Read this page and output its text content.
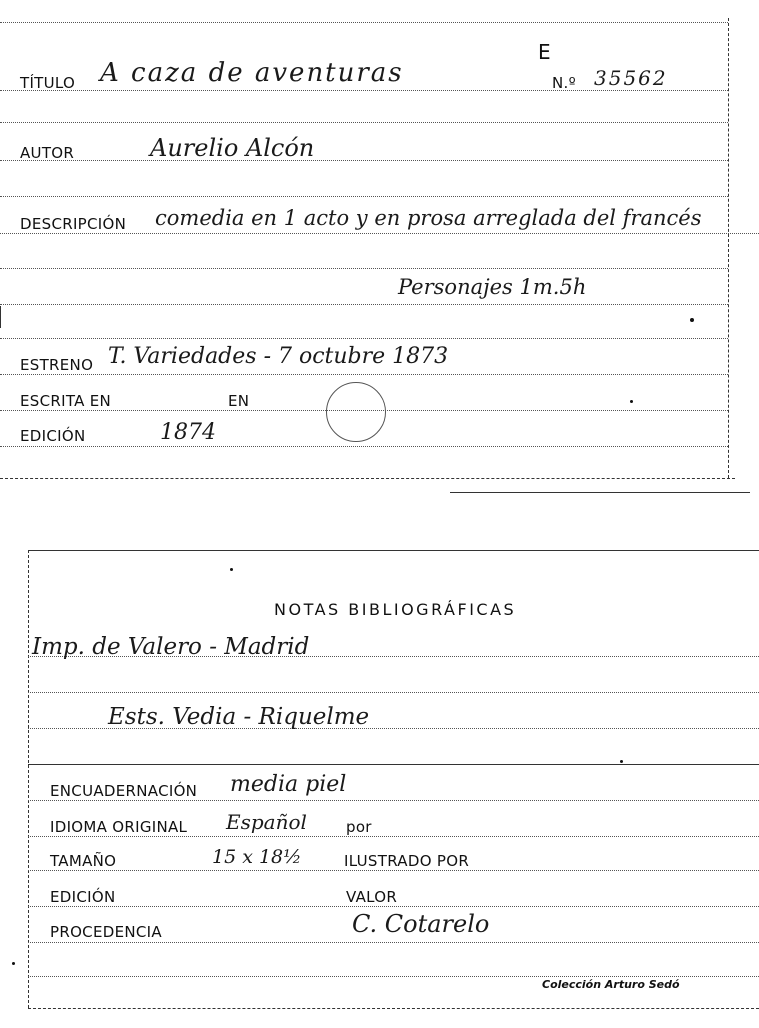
E
TÍTULO A caza de aventuras	N.º 35562
AUTOR	Aurelio Alcón
DESCRIPCIÓN comedia en 1 acto y en prosa arreglada del francés
Personajes 1m.5h
ESTRENO T. Variedades - 7 octubre 1873
ESCRITA EN	EN
EDICIÓN	1874
NOTAS BIBLIOGRÁFICAS
Imp. de Valero - Madrid
Ests. Vedia - Riquelme
ENCUADERNACIÓN media piel
IDIOMA ORIGINAL Español	por
TAMAÑO	15 x 18½	ILUSTRADO POR
EDICIÓN	VALOR
PROCEDENCIA	C. Cotarelo
Colección Arturo Sedó
